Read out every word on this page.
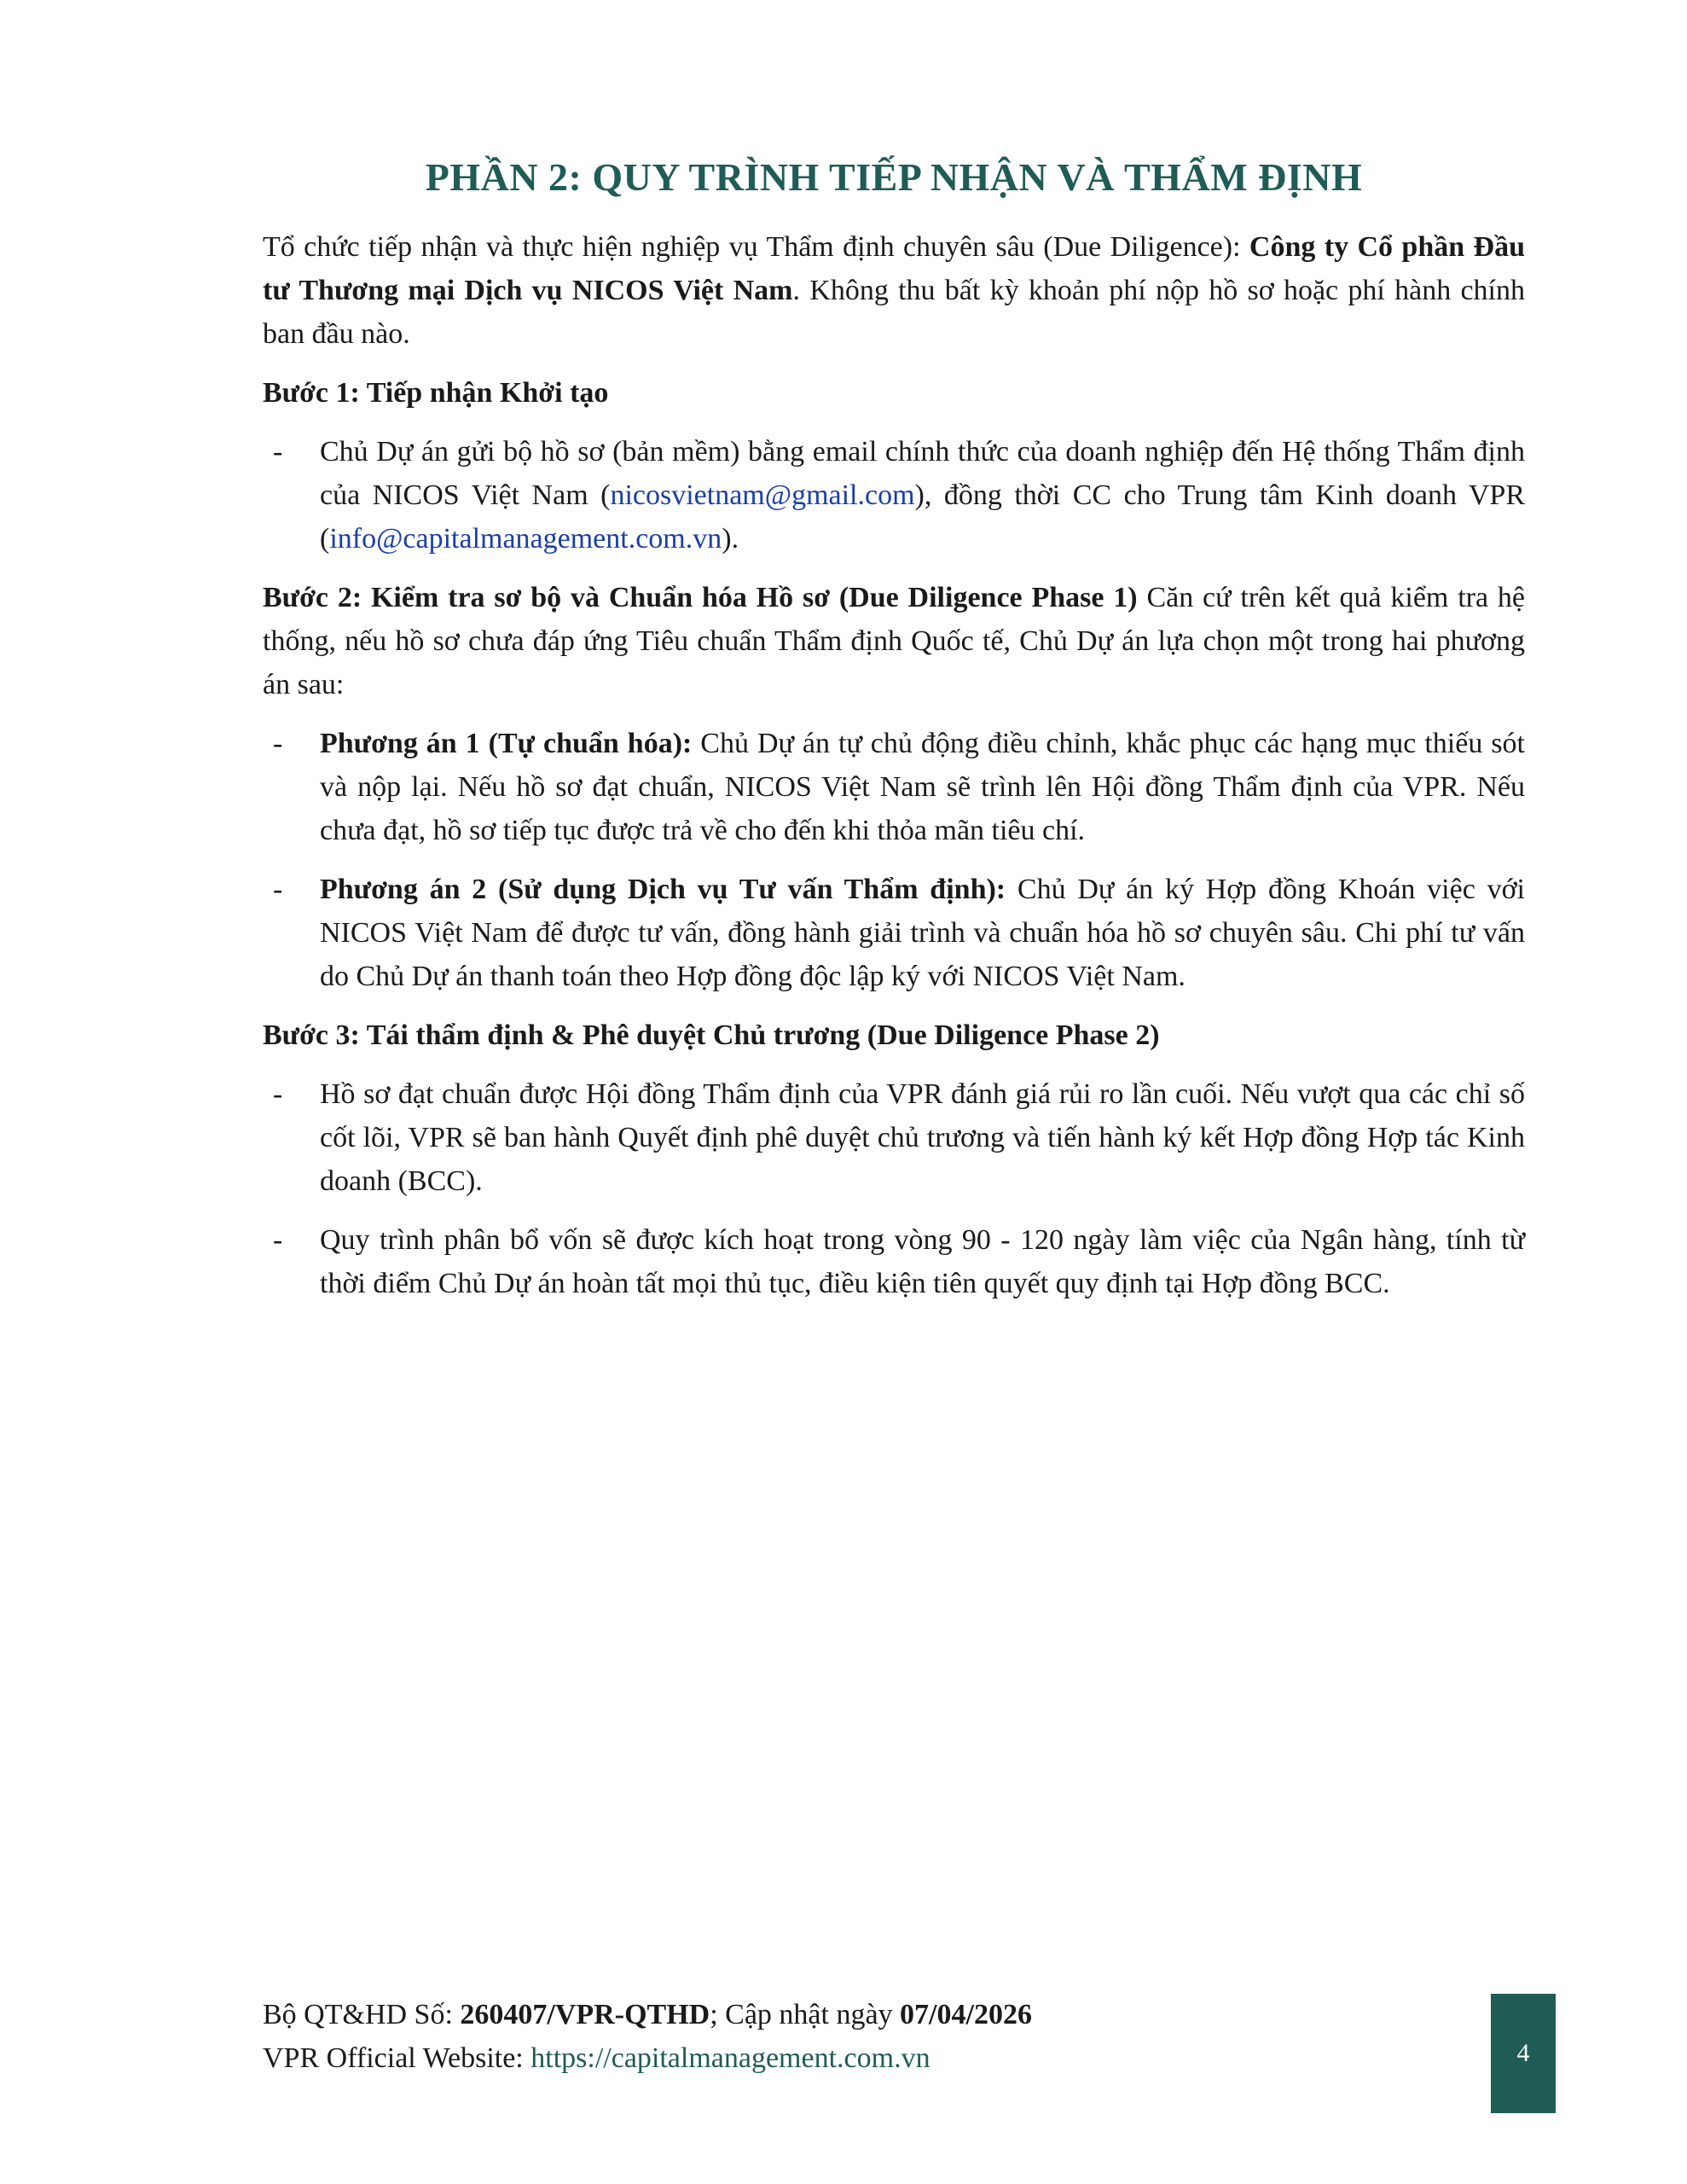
PHẦN 2: QUY TRÌNH TIẾP NHẬN VÀ THẨM ĐỊNH

Tổ chức tiếp nhận và thực hiện nghiệp vụ Thẩm định chuyên sâu (Due Diligence): Công ty Cổ phần Đầu tư Thương mại Dịch vụ NICOS Việt Nam. Không thu bất kỳ khoản phí nộp hồ sơ hoặc phí hành chính ban đầu nào.

Bước 1: Tiếp nhận Khởi tạo
- Chủ Dự án gửi bộ hồ sơ (bản mềm) bằng email chính thức của doanh nghiệp đến Hệ thống Thẩm định của NICOS Việt Nam (nicosvietnam@gmail.com), đồng thời CC cho Trung tâm Kinh doanh VPR (info@capitalmanagement.com.vn).

Bước 2: Kiểm tra sơ bộ và Chuẩn hóa Hồ sơ (Due Diligence Phase 1) Căn cứ trên kết quả kiểm tra hệ thống, nếu hồ sơ chưa đáp ứng Tiêu chuẩn Thẩm định Quốc tế, Chủ Dự án lựa chọn một trong hai phương án sau:

- Phương án 1 (Tự chuẩn hóa): Chủ Dự án tự chủ động điều chỉnh, khắc phục các hạng mục thiếu sót và nộp lại. Nếu hồ sơ đạt chuẩn, NICOS Việt Nam sẽ trình lên Hội đồng Thẩm định của VPR. Nếu chưa đạt, hồ sơ tiếp tục được trả về cho đến khi thỏa mãn tiêu chí.
- Phương án 2 (Sử dụng Dịch vụ Tư vấn Thẩm định): Chủ Dự án ký Hợp đồng Khoán việc với NICOS Việt Nam để được tư vấn, đồng hành giải trình và chuẩn hóa hồ sơ chuyên sâu. Chi phí tư vấn do Chủ Dự án thanh toán theo Hợp đồng độc lập ký với NICOS Việt Nam.
Bước 3: Tái thẩm định & Phê duyệt Chủ trương (Due Diligence Phase 2)
- Hồ sơ đạt chuẩn được Hội đồng Thẩm định của VPR đánh giá rủi ro lần cuối. Nếu vượt qua các chỉ số cốt lõi, VPR sẽ ban hành Quyết định phê duyệt chủ trương và tiến hành ký kết Hợp đồng Hợp tác Kinh doanh (BCC).
- Quy trình phân bổ vốn sẽ được kích hoạt trong vòng 90 - 120 ngày làm việc của Ngân hàng, tính từ thời điểm Chủ Dự án hoàn tất mọi thủ tục, điều kiện tiên quyết quy định tại Hợp đồng BCC.
Bộ QT&HD Số: 260407/VPR-QTHD; Cập nhật ngày 07/04/2026
VPR Official Website: https://capitalmanagement.com.vn	4
